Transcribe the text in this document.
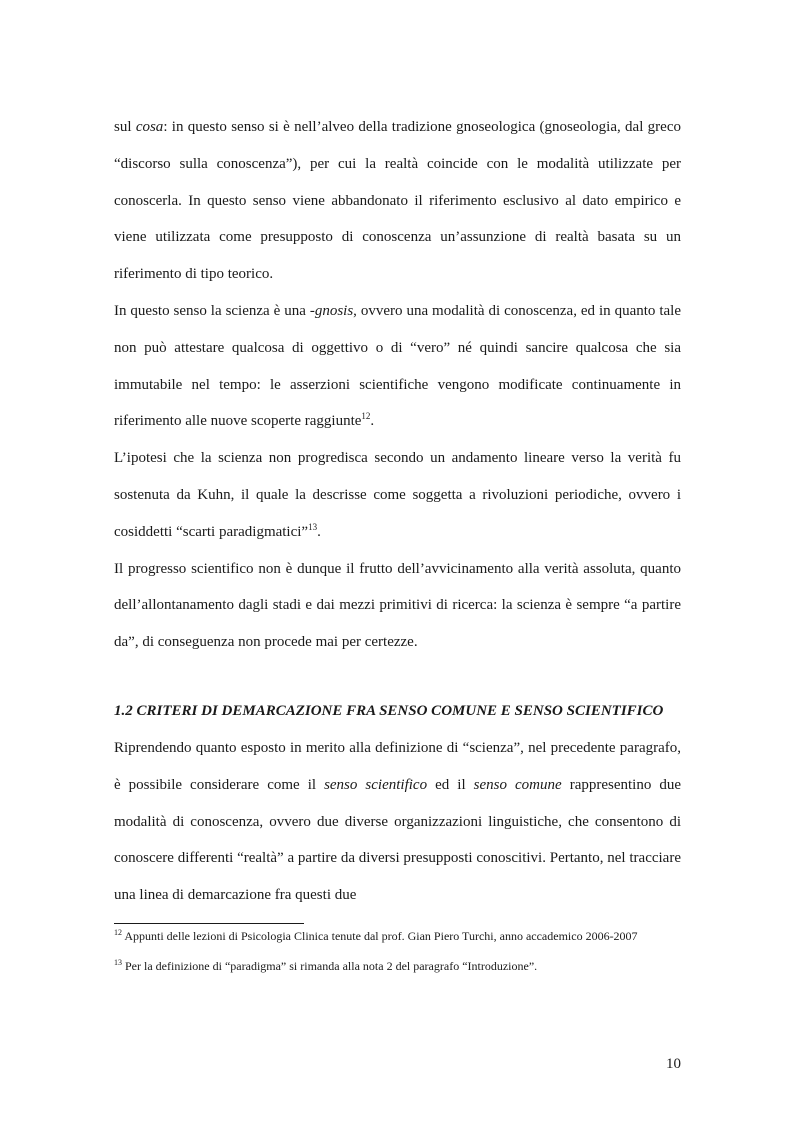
sul cosa: in questo senso si è nell’alveo della tradizione gnoseologica (gnoseologia, dal greco “discorso sulla conoscenza”), per cui la realtà coincide con le modalità utilizzate per conoscerla. In questo senso viene abbandonato il riferimento esclusivo al dato empirico e viene utilizzata come presupposto di conoscenza un’assunzione di realtà basata su un riferimento di tipo teorico.

In questo senso la scienza è una -gnosis, ovvero una modalità di conoscenza, ed in quanto tale non può attestare qualcosa di oggettivo o di “vero” né quindi sancire qualcosa che sia immutabile nel tempo: le asserzioni scientifiche vengono modificate continuamente in riferimento alle nuove scoperte raggiunte$^{12}$.

L’ipotesi che la scienza non progredisca secondo un andamento lineare verso la verità fu sostenuta da Kuhn, il quale la descrisse come soggetta a rivoluzioni periodiche, ovvero i cosiddetti “scarti paradigmatici”$^{13}$.

Il progresso scientifico non è dunque il frutto dell’avvicinamento alla verità assoluta, quanto dell’allontanamento dagli stadi e dai mezzi primitivi di ricerca: la scienza è sempre “a partire da”, di conseguenza non procede mai per certezze.

1.2 CRITERI DI DEMARCAZIONE FRA SENSO COMUNE E SENSO SCIENTIFICO

Riprendendo quanto esposto in merito alla definizione di “scienza”, nel precedente paragrafo, è possibile considerare come il senso scientifico ed il senso comune rappresentino due modalità di conoscenza, ovvero due diverse organizzazioni linguistiche, che consentono di conoscere differenti “realtà” a partire da diversi presupposti conoscitivi. Pertanto, nel tracciare una linea di demarcazione fra questi due

$^{12}$ Appunti delle lezioni di Psicologia Clinica tenute dal prof. Gian Piero Turchi, anno accademico 2006-2007

$^{13}$ Per la definizione di “paradigma” si rimanda alla nota 2 del paragrafo “Introduzione”.

10
